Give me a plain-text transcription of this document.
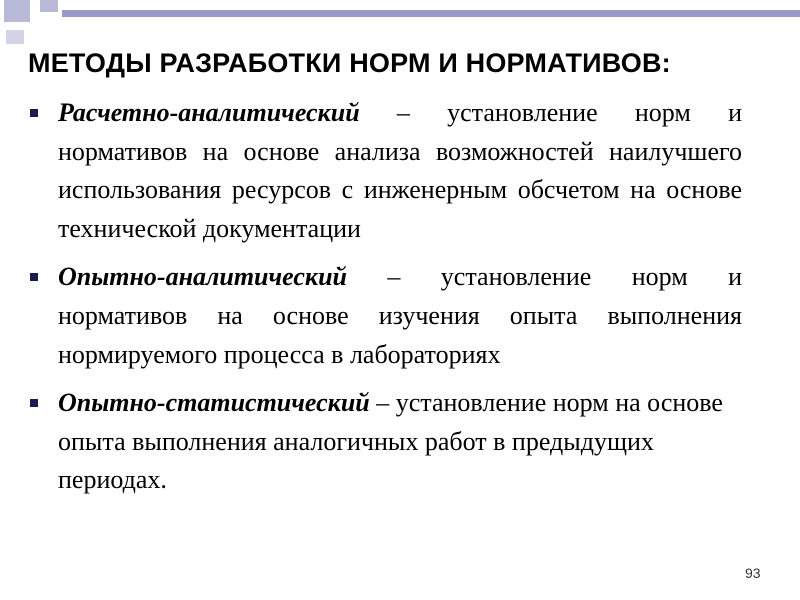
МЕТОДЫ РАЗРАБОТКИ НОРМ И НОРМАТИВОВ:
Расчетно-аналитический – установление норм и нормативов на основе анализа возможностей наилучшего использования ресурсов с инженерным обсчетом на основе технической документации
Опытно-аналитический – установление норм и нормативов на основе изучения опыта выполнения нормируемого процесса в лабораториях
Опытно-статистический – установление норм на основе опыта выполнения аналогичных работ в предыдущих периодах.
93
